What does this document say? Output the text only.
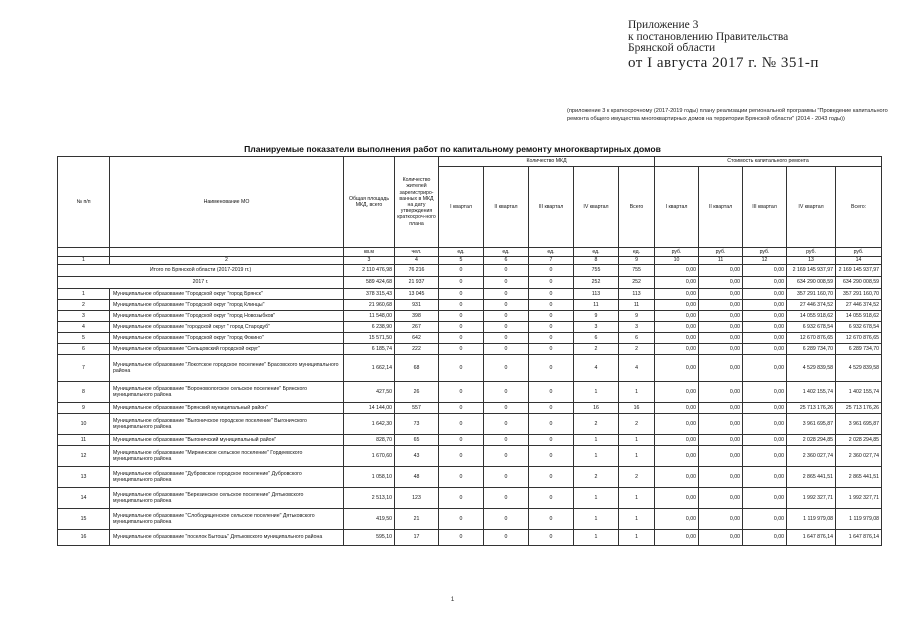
Приложение 3
к постановлению Правительства
Брянской области
от I августа 2017 г. № 351-п
(приложение 3 к краткосрочному (2017-2019 годы) плану реализации региональной программы "Проведение капитального ремонта общего имущества многоквартирных домов на территории Брянской области" (2014 - 2043 годы))
Планируемые показатели выполнения работ по капитальному ремонту многоквартирных домов
№ п/п	Наименование МО	Общая площадь МКД, всего	Количество жителей зарегистриро-ванных в МКД на дату утверждения краткосроч-ного плана	Количество МКД					Стоимость капитального ремонта				
				I квартал	II квартал	III квартал	IV квартал	Всего	I квартал	II квартал	III квартал	IV квартал	Всего:
		кв.м	чел.	ед.	ед.	ед.	ед.	ед.	руб.	руб.	руб.	руб.	руб.
1	2	3	4	5	6	7	8	9	10	11	12	13	14
Итого по Брянской области (2017-2019 гг.)		2 110 476,98	76 216	0	0	0	755	755	0,00	0,00	0,00	2 169 145 937,97	2 169 145 937,97
2017 г.		589 424,68	21 937	0	0	0	252	252	0,00	0,00	0,00	634 290 008,59	634 290 008,59
1	Муниципальное образование "Городской округ "город Брянск"	378 315,43	13 045	0	0	0	113	113	0,00	0,00	0,00	357 291 160,70	357 291 160,70
2	Муниципальное образование "Городской округ "город Клинцы"	21 960,68	931	0	0	0	11	11	0,00	0,00	0,00	27 446 374,52	27 446 374,52
3	Муниципальное образование "Городской округ "город Новозыбков"	11 548,00	398	0	0	0	9	9	0,00	0,00	0,00	14 055 918,62	14 055 918,62
4	Муниципальное образование "городской округ " город Стародуб"	6 238,90	267	0	0	0	3	3	0,00	0,00	0,00	6 932 678,54	6 932 678,54
5	Муниципальное образование "Городской округ "город Фокино"	15 571,50	642	0	0	0	6	6	0,00	0,00	0,00	12 670 876,65	12 670 876,65
6	Муниципальное образование "Сельцовский городской округ"	6 185,74	222	0	0	0	2	2	0,00	0,00	0,00	6 289 734,70	6 289 734,70
7	Муниципальное образование "Локотское городское поселение" Брасовского муниципального района	1 662,14	68	0	0	0	4	4	0,00	0,00	0,00	4 529 839,58	4 529 839,58
8	Муниципальное образование "Вороновологское сельское поселение" Брянского муниципального района	427,50	26	0	0	0	1	1	0,00	0,00	0,00	1 402 155,74	1 402 155,74
9	Муниципальное образование "Брянский муниципальный район"	14 144,00	557	0	0	0	16	16	0,00	0,00	0,00	25 713 176,26	25 713 176,26
10	Муниципальное образование "Выгоничское городское поселение" Выгоничского муниципального района	1 642,30	73	0	0	0	2	2	0,00	0,00	0,00	3 961 695,87	3 961 695,87
11	Муниципальное образование "Выгоничский муниципальный район"	828,70	65	0	0	0	1	1	0,00	0,00	0,00	2 028 294,85	2 028 294,85
12	Муниципальное образование "Мирнинское сельское поселение" Гордеевского муниципального района	1 670,60	43	0	0	0	1	1	0,00	0,00	0,00	2 360 027,74	2 360 027,74
13	Муниципальное образование "Дубровское городское поселение" Дубровского муниципального района	1 058,10	48	0	0	0	2	2	0,00	0,00	0,00	2 865 441,51	2 865 441,51
14	Муниципальное образование "Березинское сельское поселение" Дятьковского муниципального района	2 513,10	123	0	0	0	1	1	0,00	0,00	0,00	1 992 327,71	1 992 327,71
15	Муниципальное образование "Слободищенское сельское поселение" Дятьковского муниципального района	419,50	21	0	0	0	1	1	0,00	0,00	0,00	1 119 979,08	1 119 979,08
16	Муниципальное образование "поселок Бытошь" Дятьковского муниципального района	595,10	17	0	0	0	1	1	0,00	0,00	0,00	1 647 876,14	1 647 876,14
1
